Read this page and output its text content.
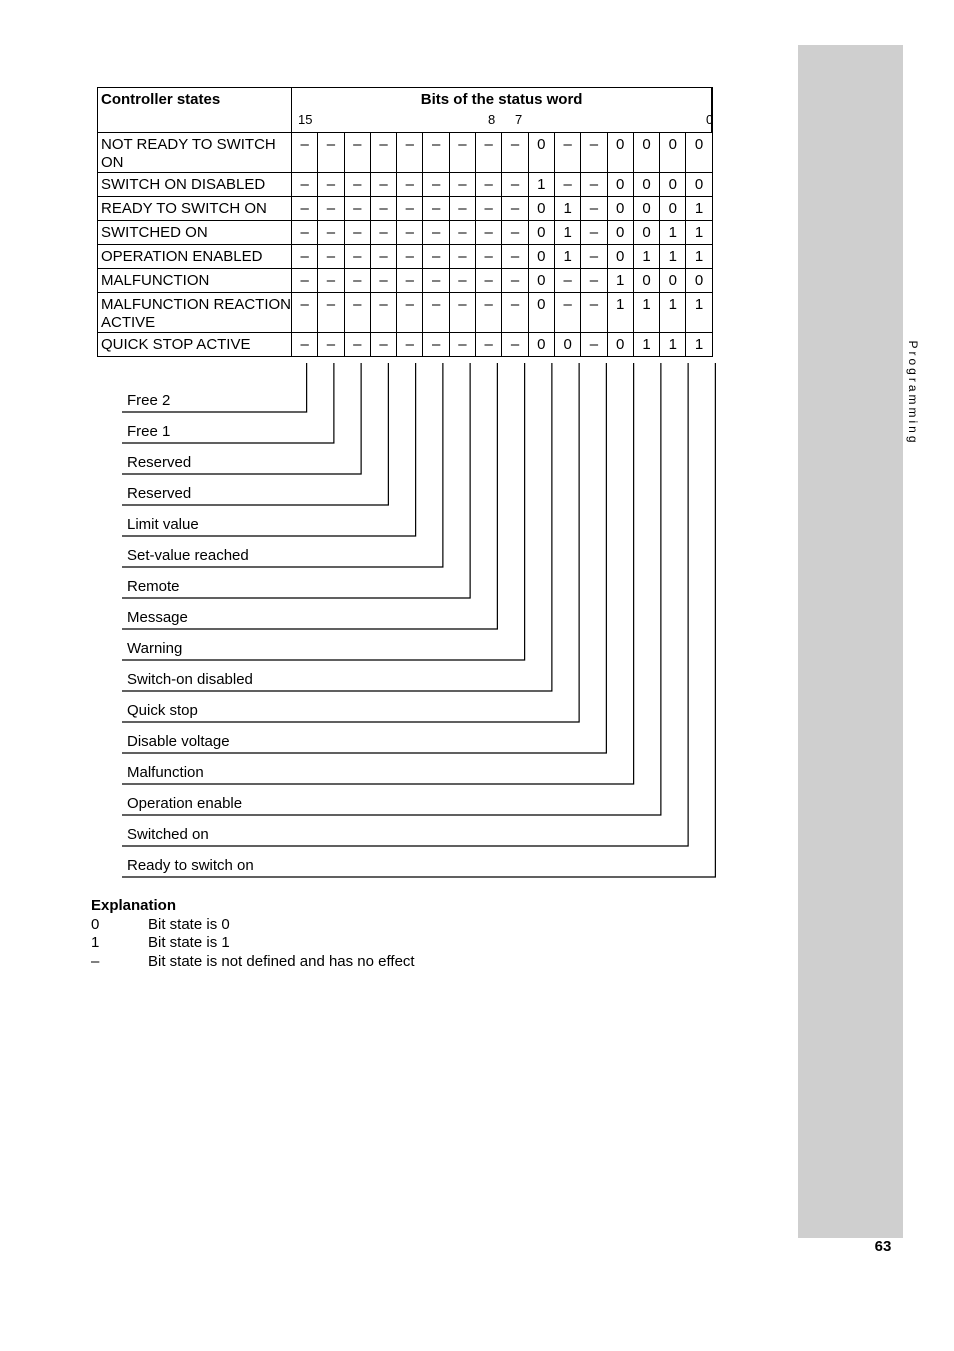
Programming
63
Controller states	Bits of the status word
15 8 7 0															

NOT READY TO SWITCH ON	–	–	–	–	–	–	–	–	–	0	–	–	0	0	0	0
SWITCH ON DISABLED	–	–	–	–	–	–	–	–	–	1	–	–	0	0	0	0
READY TO SWITCH ON	–	–	–	–	–	–	–	–	–	0	1	–	0	0	0	1
SWITCHED ON	–	–	–	–	–	–	–	–	–	0	1	–	0	0	1	1
OPERATION ENABLED	–	–	–	–	–	–	–	–	–	0	1	–	0	1	1	1
MALFUNCTION	–	–	–	–	–	–	–	–	–	0	–	–	1	0	0	0
MALFUNCTION REACTION ACTIVE	–	–	–	–	–	–	–	–	–	0	–	–	1	1	1	1
QUICK STOP ACTIVE	–	–	–	–	–	–	–	–	–	0	0	–	0	1	1	1
Free 2
Free 1
Reserved
Reserved
Limit value
Set-value reached
Remote
Message
Warning
Switch-on disabled
Quick stop
Disable voltage
Malfunction
Operation enable
Switched on
Ready to switch on
Explanation
0	Bit state is 0
1	Bit state is 1
–	Bit state is not defined and has no effect
